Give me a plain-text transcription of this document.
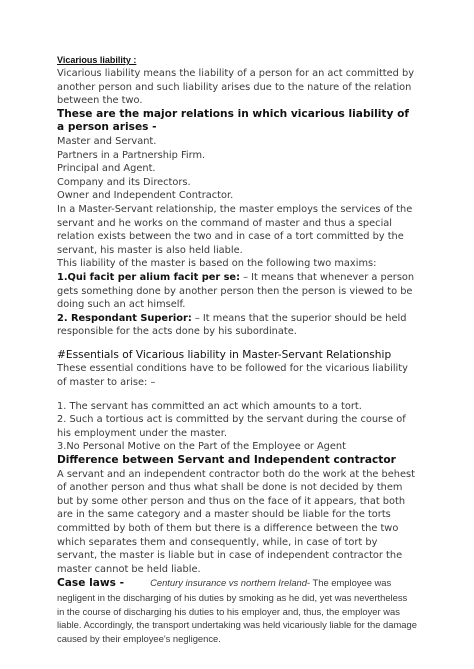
Vicarious liability :

Vicarious liability means the liability of a person for an act committed by another person and such liability arises due to the nature of the relation between the two.

These are the major relations in which vicarious liability of a person arises -

Master and Servant.

Partners in a Partnership Firm.

Principal and Agent.

Company and its Directors.

Owner and Independent Contractor.

In a Master-Servant relationship, the master employs the services of the servant and he works on the command of master and thus a special relation exists between the two and in case of a tort committed by the servant, his master is also held liable.

This liability of the master is based on the following two maxims:

1.Qui facit per alium facit per se: – It means that whenever a person gets something done by another person then the person is viewed to be doing such an act himself.

2. Respondant Superior: – It means that the superior should be held responsible for the acts done by his subordinate.

#Essentials of Vicarious liability in Master-Servant Relationship

These essential conditions have to be followed for the vicarious liability of master to arise: –

1. The servant has committed an act which amounts to a tort.

2. Such a tortious act is committed by the servant during the course of his employment under the master.

3.No Personal Motive on the Part of the Employee or Agent

Difference between Servant and Independent contractor

A servant and an independent contractor both do the work at the behest of another person and thus what shall be done is not decided by them but by some other person and thus on the face of it appears, that both are in the same category and a master should be liable for the torts committed by both of them but there is a difference between the two which separates them and consequently, while, in case of tort by servant, the master is liable but in case of independent contractor the master cannot be held liable.

Case laws -	Century insurance vs northern Ireland- The employee was negligent in the discharging of his duties by smoking as he did, yet was nevertheless in the course of discharging his duties to his employer and, thus, the employer was liable. Accordingly, the transport undertaking was held vicariously liable for the damage caused by their employee's negligence.
